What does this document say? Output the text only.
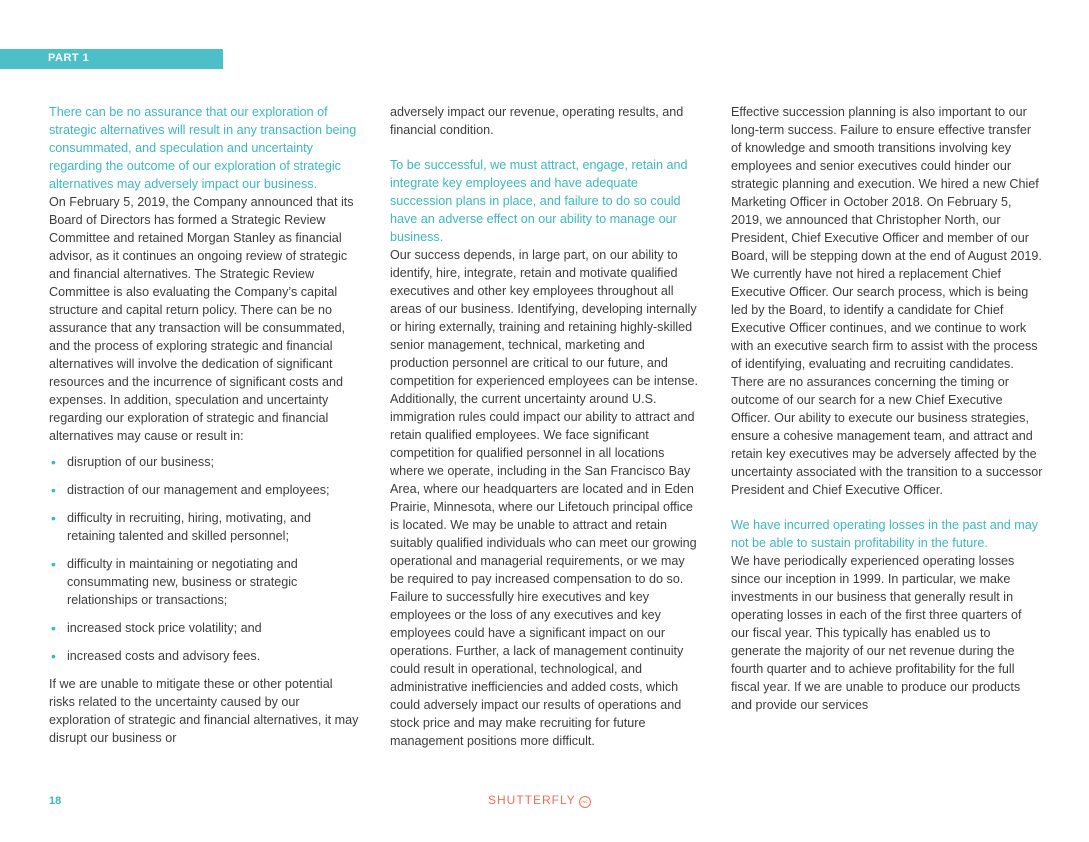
PART 1

There can be no assurance that our exploration of strategic alternatives will result in any transaction being consummated, and speculation and uncertainty regarding the outcome of our exploration of strategic alternatives may adversely impact our business.

On February 5, 2019, the Company announced that its Board of Directors has formed a Strategic Review Committee and retained Morgan Stanley as financial advisor, as it continues an ongoing review of strategic and financial alternatives. The Strategic Review Committee is also evaluating the Company’s capital structure and capital return policy. There can be no assurance that any transaction will be consummated, and the process of exploring strategic and financial alternatives will involve the dedication of significant resources and the incurrence of significant costs and expenses. In addition, speculation and uncertainty regarding our exploration of strategic and financial alternatives may cause or result in:

• disruption of our business;
• distraction of our management and employees;
• difficulty in recruiting, hiring, motivating, and retaining talented and skilled personnel;
• difficulty in maintaining or negotiating and consummating new, business or strategic relationships or transactions;
• increased stock price volatility; and
• increased costs and advisory fees.

If we are unable to mitigate these or other potential risks related to the uncertainty caused by our exploration of strategic and financial alternatives, it may disrupt our business or

adversely impact our revenue, operating results, and financial condition.

To be successful, we must attract, engage, retain and integrate key employees and have adequate succession plans in place, and failure to do so could have an adverse effect on our ability to manage our business.

Our success depends, in large part, on our ability to identify, hire, integrate, retain and motivate qualified executives and other key employees throughout all areas of our business. Identifying, developing internally or hiring externally, training and retaining highly-skilled senior management, technical, marketing and production personnel are critical to our future, and competition for experienced employees can be intense. Additionally, the current uncertainty around U.S. immigration rules could impact our ability to attract and retain qualified employees. We face significant competition for qualified personnel in all locations where we operate, including in the San Francisco Bay Area, where our headquarters are located and in Eden Prairie, Minnesota, where our Lifetouch principal office is located. We may be unable to attract and retain suitably qualified individuals who can meet our growing operational and managerial requirements, or we may be required to pay increased compensation to do so. Failure to successfully hire executives and key employees or the loss of any executives and key employees could have a significant impact on our operations. Further, a lack of management continuity could result in operational, technological, and administrative inefficiencies and added costs, which could adversely impact our results of operations and stock price and may make recruiting for future management positions more difficult.

Effective succession planning is also important to our long-term success. Failure to ensure effective transfer of knowledge and smooth transitions involving key employees and senior executives could hinder our strategic planning and execution. We hired a new Chief Marketing Officer in October 2018. On February 5, 2019, we announced that Christopher North, our President, Chief Executive Officer and member of our Board, will be stepping down at the end of August 2019. We currently have not hired a replacement Chief Executive Officer. Our search process, which is being led by the Board, to identify a candidate for Chief Executive Officer continues, and we continue to work with an executive search firm to assist with the process of identifying, evaluating and recruiting candidates. There are no assurances concerning the timing or outcome of our search for a new Chief Executive Officer. Our ability to execute our business strategies, ensure a cohesive management team, and attract and retain key executives may be adversely affected by the uncertainty associated with the transition to a successor President and Chief Executive Officer.

We have incurred operating losses in the past and may not be able to sustain profitability in the future.

We have periodically experienced operating losses since our inception in 1999. In particular, we make investments in our business that generally result in operating losses in each of the first three quarters of our fiscal year. This typically has enabled us to generate the majority of our net revenue during the fourth quarter and to achieve profitability for the full fiscal year. If we are unable to produce our products and provide our services

18	SHUTTERFLY INC
